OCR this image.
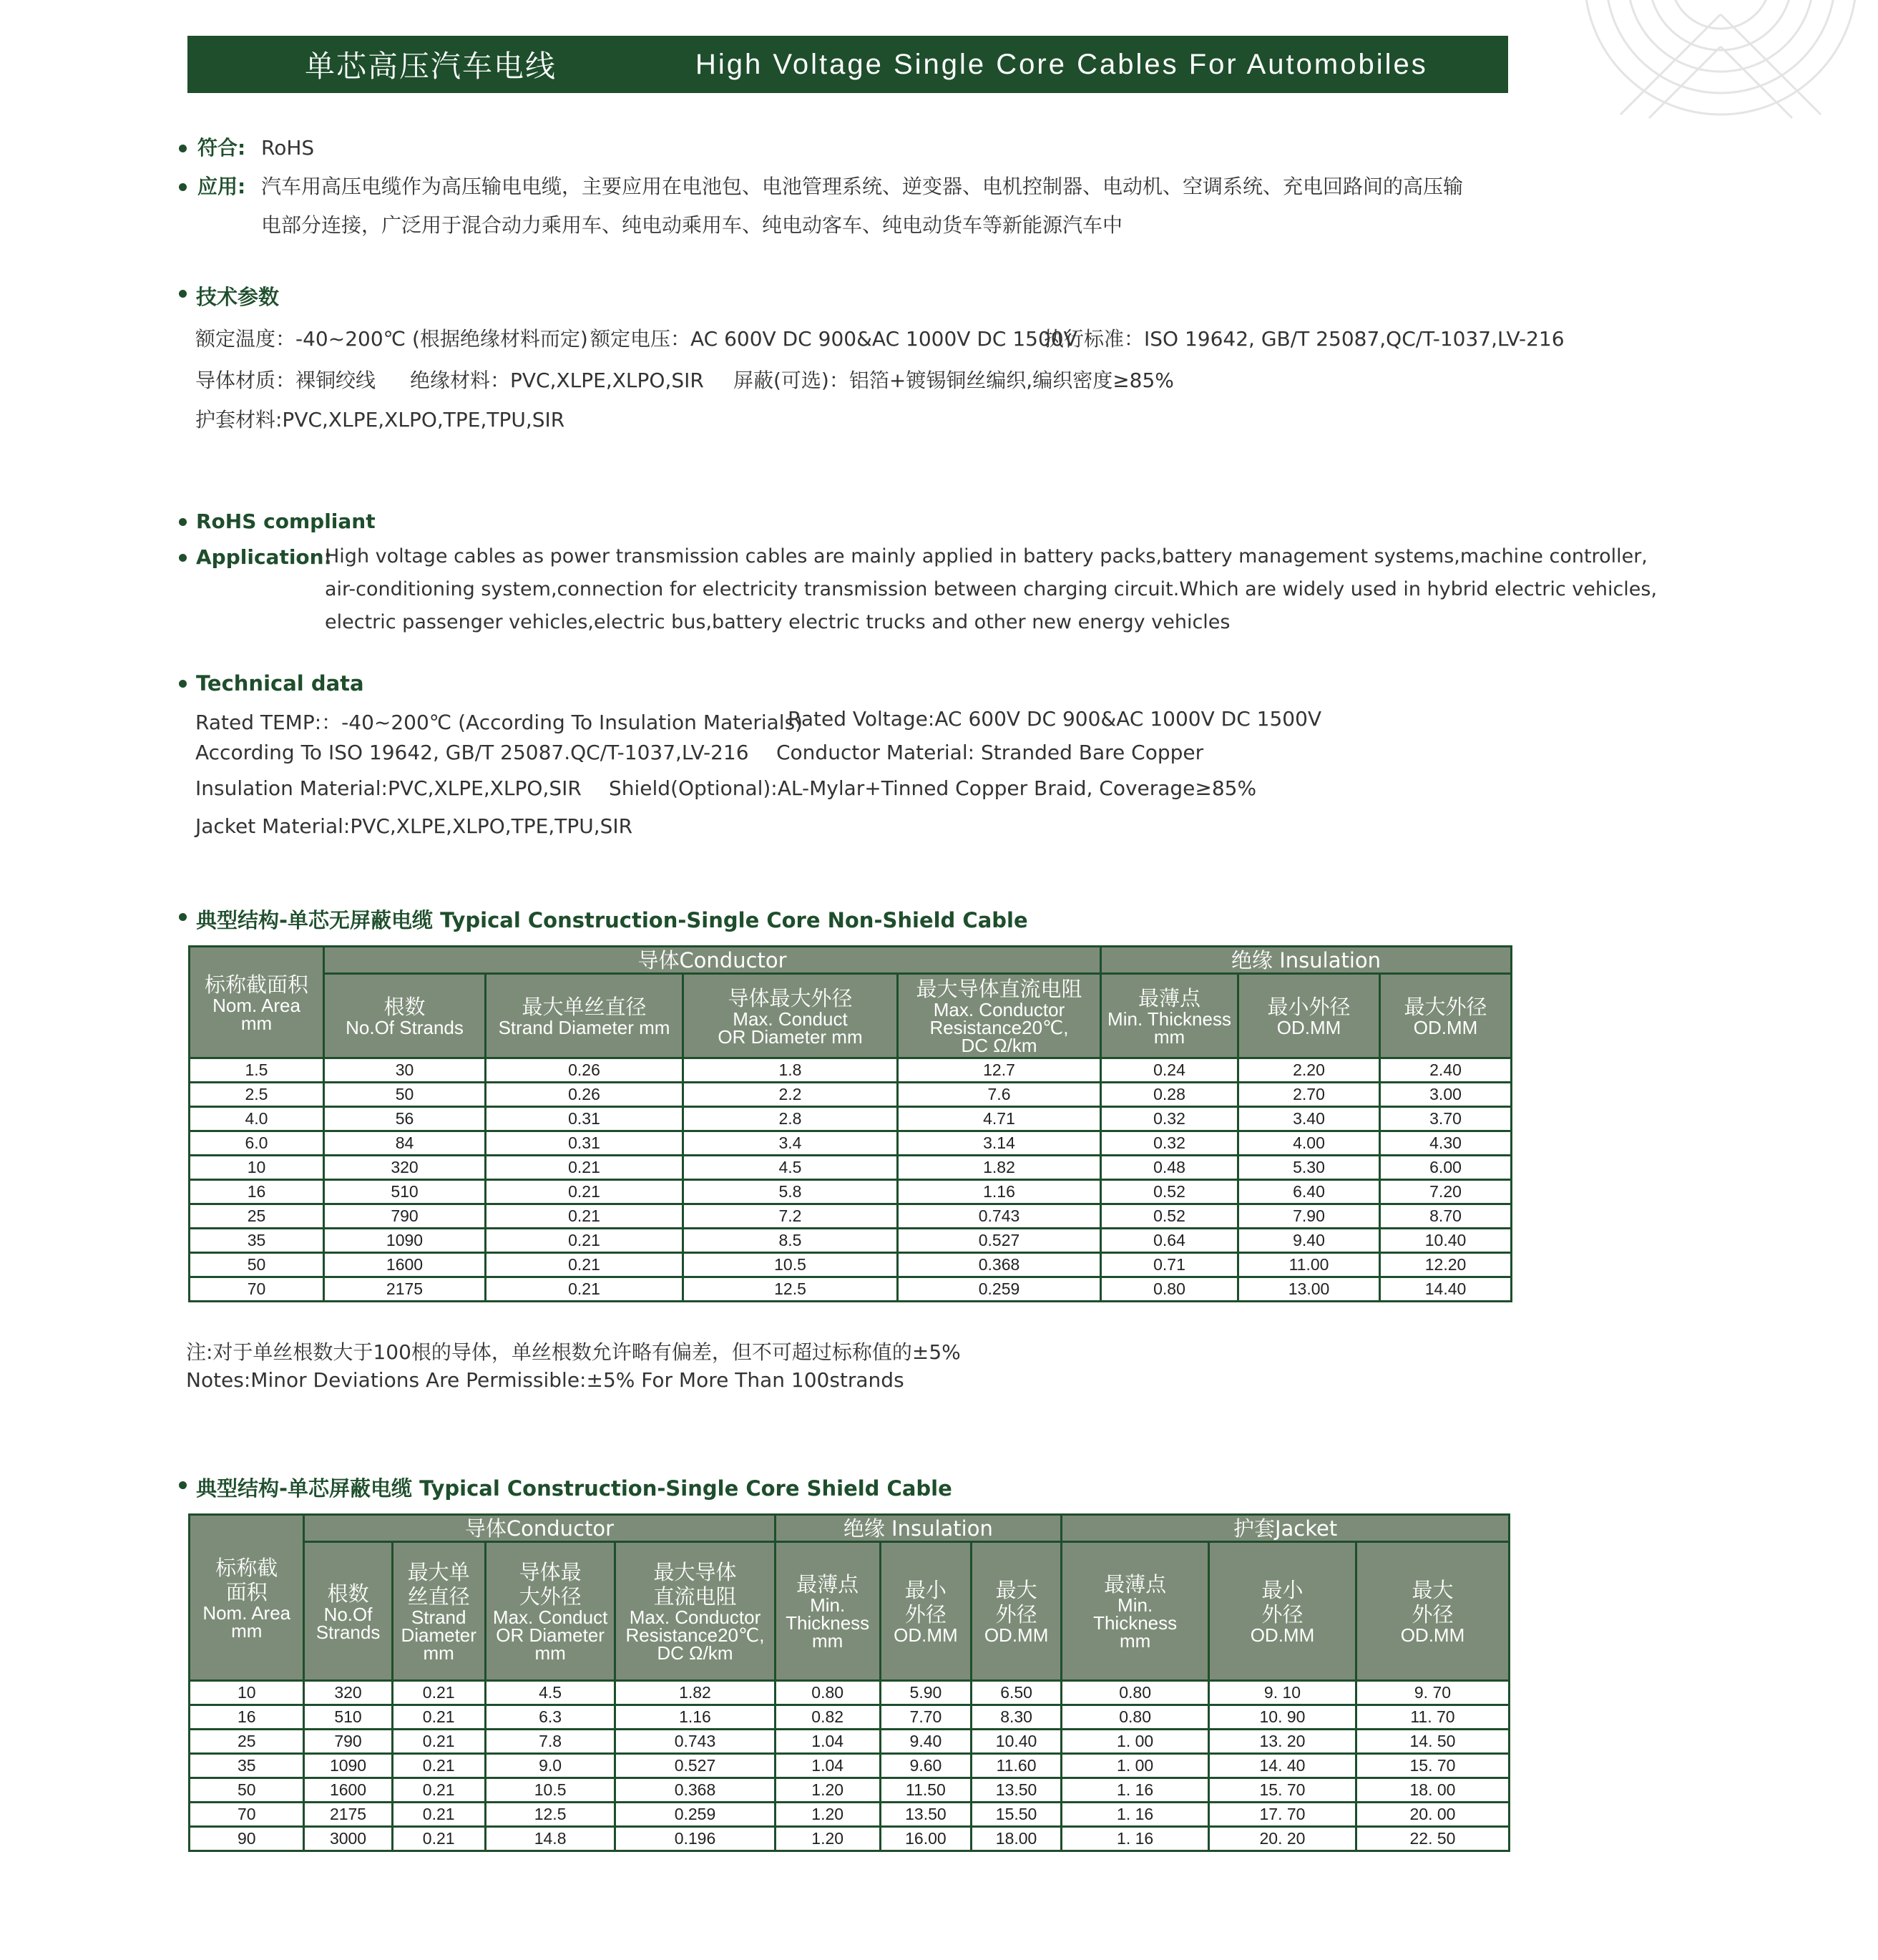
单芯高压汽车电线	High Voltage Single Core Cables For Automobiles
符合: RoHS
应用: 汽车用高压电缆作为高压输电电缆，主要应用在电池包、电池管理系统、逆变器、电机控制器、电动机、空调系统、充电回路间的高压输
电部分连接，广泛用于混合动力乘用车、纯电动乘用车、纯电动客车、纯电动货车等新能源汽车中
技术参数
额定温度：-40~200℃ (根据绝缘材料而定) 额定电压：AC 600V DC 900&AC 1000V DC 1500V
执行标准：ISO 19642, GB/T 25087,QC/T-1037,LV-216
导体材质：裸铜绞线 绝缘材料：PVC,XLPE,XLPO,SIR 屏蔽(可选)：铝箔+镀锡铜丝编织,编织密度≥85%
护套材料:PVC,XLPE,XLPO,TPE,TPU,SIR
RoHS compliant
Application:
High voltage cables as power transmission cables are mainly applied in battery packs,battery management systems,machine controller,
air-conditioning system,connection for electricity transmission between charging circuit.Which are widely used in hybrid electric vehicles,
electric passenger vehicles,electric bus,battery electric trucks and other new energy vehicles
Technical data
Rated TEMP:：-40~200℃ (According To Insulation Materials)
Rated Voltage:AC 600V DC 900&AC 1000V DC 1500V
According To ISO 19642, GB/T 25087.QC/T-1037,LV-216 Conductor Material: Stranded Bare Copper
Insulation Material:PVC,XLPE,XLPO,SIR Shield(Optional):AL-Mylar+Tinned Copper Braid, Coverage≥85%
Jacket Material:PVC,XLPE,XLPO,TPE,TPU,SIR
典型结构-单芯无屏蔽电缆 Typical Construction-Single Core Non-Shield Cable
标称截面积
Nom. Area
mm	导体Conductor				绝缘 Insulation		

	根数
No.Of Strands	最大单丝直径
Strand Diameter mm	导体最大外径
Max. Conduct
OR Diameter mm	最大导体直流电阻
Max. Conductor
Resistance20℃,
DC Ω/km	最薄点
Min. Thickness
mm	最小外径
OD.MM	最大外径
OD.MM

1.5	30	0.26	1.8	12.7	0.24	2.20	2.40
2.5	50	0.26	2.2	7.6	0.28	2.70	3.00
4.0	56	0.31	2.8	4.71	0.32	3.40	3.70
6.0	84	0.31	3.4	3.14	0.32	4.00	4.30
10	320	0.21	4.5	1.82	0.48	5.30	6.00
16	510	0.21	5.8	1.16	0.52	6.40	7.20
25	790	0.21	7.2	0.743	0.52	7.90	8.70
35	1090	0.21	8.5	0.527	0.64	9.40	10.40
50	1600	0.21	10.5	0.368	0.71	11.00	12.20
70	2175	0.21	12.5	0.259	0.80	13.00	14.40
注:对于单丝根数大于100根的导体，单丝根数允许略有偏差，但不可超过标称值的±5%
Notes:Minor Deviations Are Permissible:±5% For More Than 100strands
典型结构-单芯屏蔽电缆 Typical Construction-Single Core Shield Cable
标称截
面积
Nom. Area
mm	导体Conductor				绝缘 Insulation			护套Jacket		

	根数
No.Of
Strands	最大单
丝直径
Strand
Diameter
mm	导体最
大外径
Max. Conduct
OR Diameter
mm	最大导体
直流电阻
Max. Conductor
Resistance20℃,
DC Ω/km	最薄点
Min.
Thickness
mm	最小
外径
OD.MM	最大
外径
OD.MM	最薄点
Min.
Thickness
mm	最小
外径
OD.MM	最大
外径
OD.MM

10	320	0.21	4.5	1.82	0.80	5.90	6.50	0.80	9. 10	9. 70
16	510	0.21	6.3	1.16	0.82	7.70	8.30	0.80	10. 90	11. 70
25	790	0.21	7.8	0.743	1.04	9.40	10.40	1. 00	13. 20	14. 50
35	1090	0.21	9.0	0.527	1.04	9.60	11.60	1. 00	14. 40	15. 70
50	1600	0.21	10.5	0.368	1.20	11.50	13.50	1. 16	15. 70	18. 00
70	2175	0.21	12.5	0.259	1.20	13.50	15.50	1. 16	17. 70	20. 00
90	3000	0.21	14.8	0.196	1.20	16.00	18.00	1. 16	20. 20	22. 50
